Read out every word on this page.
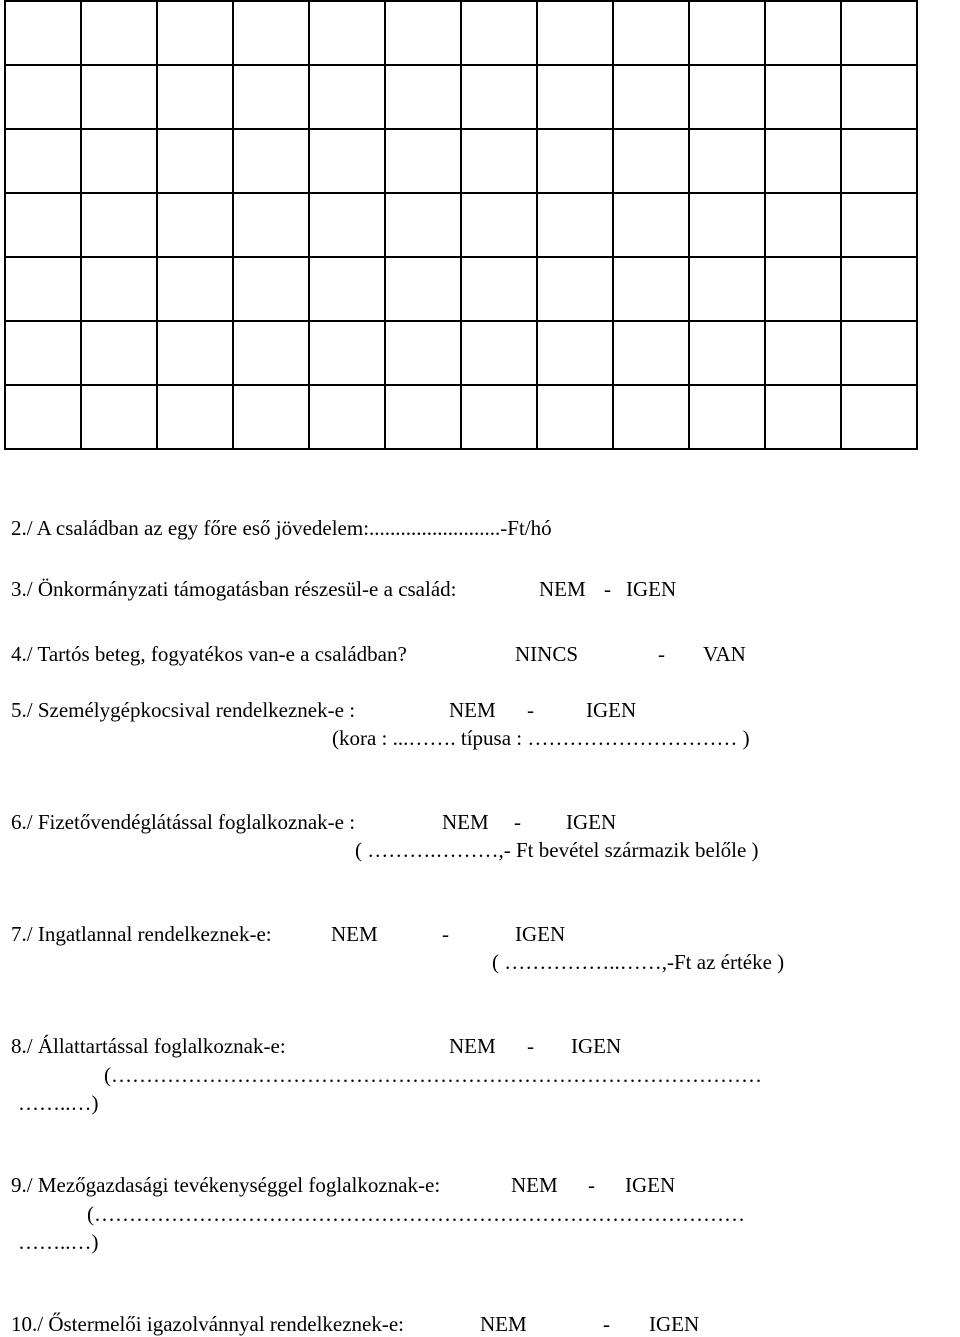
2./ A családban az egy főre eső jövedelem:.........................-Ft/hó
3./ Önkormányzati támogatásban részesül-e a család:	NEM - IGEN
4./ Tartós beteg, fogyatékos van-e a családban?	NINCS	- VAN
5./ Személygépkocsival rendelkeznek-e :	NEM - IGEN
(kora : ...……. típusa : ………………………… )
6./ Fizetővendéglátással foglalkoznak-e :	NEM - IGEN
( ……….………,- Ft bevétel származik belőle )
7./ Ingatlannal rendelkeznek-e:	NEM	-	IGEN
( ……………..……,-Ft az értéke )
8./ Állattartással foglalkoznak-e:	NEM - IGEN
(…………………………………………………………………………………
……..…)
9./ Mezőgazdasági tevékenységgel foglalkoznak-e:	NEM - IGEN
(…………………………………………………………………………………
……..…)
10./ Őstermelői igazolvánnyal rendelkeznek-e:	NEM	- IGEN
